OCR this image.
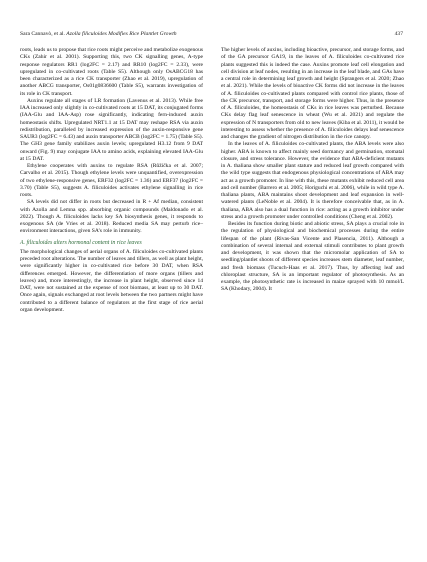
Sara Cannavò, et al. Azolla filiculoides Modifies Rice Plantlet Growth	437

roots, leads us to propose that rice roots might perceive and metabolize exogenous CKs (Zahir et al. 2001). Supporting this, two CK signalling genes, A-type response regulators RR1 (log2FC = 2.17) and RR10 (log2FC = 2.33), were upregulated in co-cultivated roots (Table S5). Although only OsABCG18 has been characterized as a rice CK transporter (Zhao et al. 2019), upregulation of another ABCG transporter, Os01g0836600 (Table S5), warrants investigation of its role in CK transport.

Auxins regulate all stages of LR formation (Lavenus et al. 2013). While free IAA increased only slightly in co-cultivated roots at 15 DAT, its conjugated forms (IAA-Glu and IAA-Asp) rose significantly, indicating fern-induced auxin homeostasis shifts. Upregulated NRT1.1 at 15 DAT may reshape RSA via auxin redistribution, paralleled by increased expression of the auxin-responsive gene SAUR3 (log2FC = 6.43) and auxin transporter ABCB (log2FC = 1.75) (Table S5). The GH3 gene family stabilizes auxin levels; upregulated H3.12 from 9 DAT onward (Fig. 9) may conjugate IAA to amino acids, explaining elevated IAA-Glu at 15 DAT.

Ethylene cooperates with auxins to regulate RSA (Růžička et al. 2007; Carvalho et al. 2015). Though ethylene levels were unquantified, overexpression of two ethylene-responsive genes, ERF32 (log2FC = 1.36) and ERF37 (log2FC = 3.70) (Table S5), suggests A. filiculoides activates ethylene signalling in rice roots.

SA levels did not differ in roots but decreased in R + Af median, consistent with Azolla and Lemna spp. absorbing organic compounds (Maldonado et al. 2022). Though A. filiculoides lacks key SA biosynthesis genes, it responds to exogenous SA (de Vries et al. 2018). Reduced media SA may perturb rice–environment interactions, given SA’s role in immunity.

A. filiculoides alters hormonal content in rice leaves

The morphological changes of aerial organs of A. filiculoides co-cultivated plants preceded root alterations. The number of leaves and tillers, as well as plant height, were significantly higher in co-cultivated rice before 30 DAT, when RSA differences emerged. However, the differentiation of more organs (tillers and leaves) and, more interestingly, the increase in plant height, observed since 14 DAT, were not sustained at the expense of root biomass, at least up to 30 DAT. Once again, signals exchanged at root levels between the two partners might have contributed to a different balance of regulators at the first stage of rice aerial organ development.

The higher levels of auxins, including bioactive, precursor, and storage forms, and of the GA precursor GA19, in the leaves of A. filiculoides co-cultivated rice plants suggested this is indeed the case. Auxins promote leaf cell elongation and cell division at leaf nodes, resulting in an increase in the leaf blade, and GAs have a central role in determining leaf growth and height (Sprangers et al. 2020; Zhao et al. 2021). While the levels of bioactive CK forms did not increase in the leaves of A. filiculoides co-cultivated plants compared with control rice plants, those of the CK precursor, transport, and storage forms were higher. Thus, in the presence of A. filiculoides, the homeostasis of CKs in rice leaves was perturbed. Because CKs delay flag leaf senescence in wheat (Wu et al. 2021) and regulate the expression of N transporters from old to new leaves (Kiba et al. 2011), it would be interesting to assess whether the presence of A. filiculoides delays leaf senescence and changes the gradient of nitrogen distribution in the rice canopy.

In the leaves of A. filiculoides co-cultivated plants, the ABA levels were also higher. ABA is known to affect mainly seed dormancy and germination, stomatal closure, and stress tolerance. However, the evidence that ABA-deficient mutants in A. thaliana show smaller plant stature and reduced leaf growth compared with the wild type suggests that endogenous physiological concentrations of ABA may act as a growth promoter. In line with this, these mutants exhibit reduced cell area and cell number (Barrero et al. 2005; Horiguchi et al. 2006), while in wild type A. thaliana plants, ABA maintains shoot development and leaf expansion in well-watered plants (LeNoble et al. 2004). It is therefore conceivable that, as in A. thaliana, ABA also has a dual function in rice: acting as a growth inhibitor under stress and a growth promoter under controlled conditions (Cheng et al. 2002).

Besides its function during biotic and abiotic stress, SA plays a crucial role in the regulation of physiological and biochemical processes during the entire lifespan of the plant (Rivas-San Vicente and Plasencia, 2011). Although a combination of several internal and external stimuli contributes to plant growth and development, it was shown that the micromolar application of SA to seedling/plantlet shoots of different species increases stem diameter, leaf number, and fresh biomass (Tucuch-Haas et al. 2017). Thus, by affecting leaf and chloroplast structure, SA is an important regulator of photosynthesis. As an example, the photosynthetic rate is increased in maize sprayed with 10 mmol/L SA (Khodary, 2004). It
